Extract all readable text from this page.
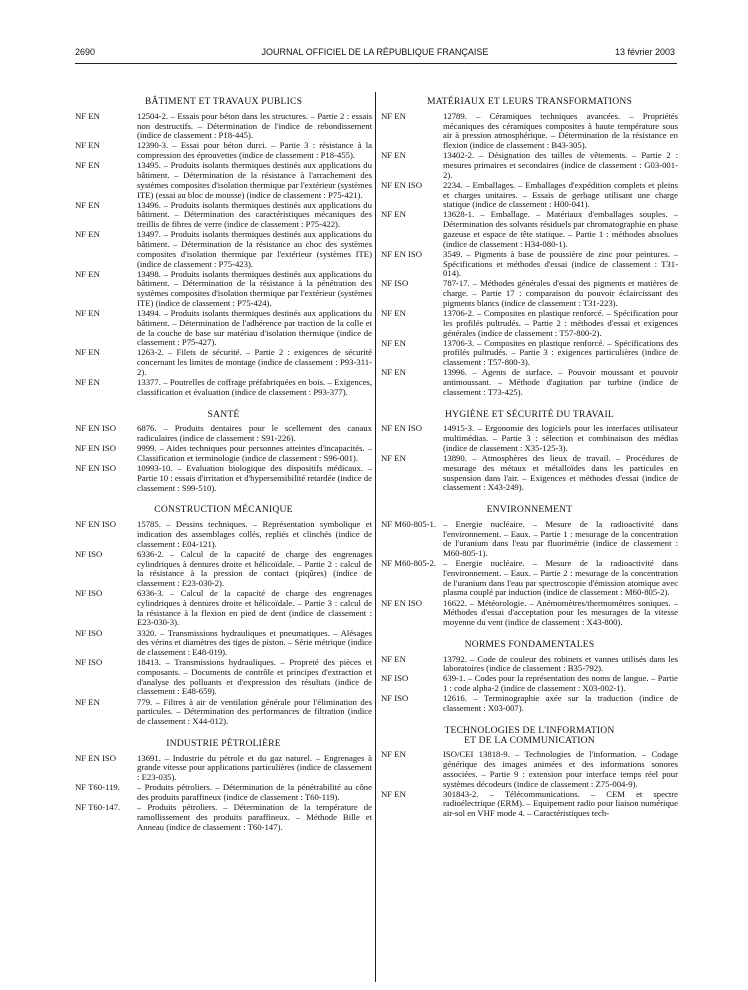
2690	JOURNAL OFFICIEL DE LA RÉPUBLIQUE FRANÇAISE	13 février 2003
BÂTIMENT ET TRAVAUX PUBLICS
NF EN	12504-2. – Essais pour béton dans les structures. – Partie 2 : essais non destructifs. – Détermination de l'indice de rebondissement (indice de classement : P18-445).
NF EN	12390-3. – Essai pour béton durci. – Partie 3 : résistance à la compression des éprouvettes (indice de classement : P18-455).
NF EN	13495. – Produits isolants thermiques destinés aux applications du bâtiment. – Détermination de la résistance à l'arrachement des systèmes composites d'isolation thermique par l'extérieur (systèmes ITE) (essai au bloc de mousse) (indice de classement : P75-421).
NF EN	13496. – Produits isolants thermiques destinés aux applications du bâtiment. – Détermination des caractéristiques mécaniques des treillis de fibres de verre (indice de classement : P75-422).
NF EN	13497. – Produits isolants thermiques destinés aux applications du bâtiment. – Détermination de la résistance au choc des systèmes composites d'isolation thermique par l'extérieur (systèmes ITE) (indice de classement : P75-423).
NF EN	13498. – Produits isolants thermiques destinés aux applications du bâtiment. – Détermination de la résistance à la pénétration des systèmes composites d'isolation thermique par l'extérieur (systèmes ITE) (indice de classement : P75-424).
NF EN	13494. – Produits isolants thermiques destinés aux applications du bâtiment. – Détermination de l'adhérence par traction de la colle et de la couche de base sur matériau d'isolation thermique (indice de classement : P75-427).
NF EN	1263-2. – Filets de sécurité. – Partie 2 : exigences de sécurité concernant les limites de montage (indice de classement : P93-311-2).
NF EN	13377. – Poutrelles de coffrage préfabriquées en bois. – Exigences, classification et évaluation (indice de classement : P93-377).
SANTÉ
NF EN ISO	6876. – Produits dentaires pour le scellement des canaux radiculaires (indice de classement : S91-226).
NF EN ISO	9999. – Aides techniques pour personnes atteintes d'incapacités. – Classification et terminologie (indice de classement : S96-001).
NF EN ISO	10993-10. – Evaluation biologique des dispositifs médicaux. – Partie 10 : essais d'irritation et d'hypersensibilité retardée (indice de classement : S99-510).
CONSTRUCTION MÉCANIQUE
NF EN ISO	15785. – Dessins techniques. – Représentation symbolique et indication des assemblages collés, repliés et clinchés (indice de classement : E04-121).
NF ISO	6336-2. – Calcul de la capacité de charge des engrenages cylindriques à dentures droite et hélicoïdale. – Partie 2 : calcul de la résistance à la pression de contact (piqûres) (indice de classement : E23-030-2).
NF ISO	6336-3. – Calcul de la capacité de charge des engrenages cylindriques à dentures droite et hélicoïdale. – Partie 3 : calcul de la résistance à la flexion en pied de dent (indice de classement : E23-030-3).
NF ISO	3320. – Transmissions hydrauliques et pneumatiques. – Alésages des vérins et diamètres des tiges de piston. – Série métrique (indice de classement : E48-019).
NF ISO	18413. – Transmissions hydrauliques. – Propreté des pièces et composants. – Documents de contrôle et principes d'extraction et d'analyse des polluants et d'expression des résultats (indice de classement : E48-659).
NF EN	779. – Filtres à air de ventilation générale pour l'élimination des particules. – Détermination des performances de filtration (indice de classement : X44-012).
INDUSTRIE PÉTROLIÈRE
NF EN ISO	13691. – Industrie du pétrole et du gaz naturel. – Engrenages à grande vitesse pour applications particulières (indice de classement : E23-035).
NF T60-119.	– Produits pétroliers. – Détermination de la pénétrabilité au cône des produits paraffineux (indice de classement : T60-119).
NF T60-147.	– Produits pétroliers. – Détermination de la température de ramollissement des produits paraffineux. – Méthode Bille et Anneau (indice de classement : T60-147).
MATÉRIAUX ET LEURS TRANSFORMATIONS
NF EN	12789. – Céramiques techniques avancées. – Propriétés mécaniques des céramiques composites à haute température sous air à pression atmosphérique. – Détermination de la résistance en flexion (indice de classement : B43-305).
NF EN	13402-2. – Désignation des tailles de vêtements. – Partie 2 : mesures primaires et secondaires (indice de classement : G03-001-2).
NF EN ISO	2234. – Emballages. – Emballages d'expédition complets et pleins et charges unitaires. – Essais de gerbage utilisant une charge statique (indice de classement : H00-041).
NF EN	13628-1. – Emballage. – Matériaux d'emballages souples. – Détermination des solvants résiduels par chromatographie en phase gazeuse et espace de tête statique. – Partie 1 : méthodes absolues (indice de classement : H34-080-1).
NF EN ISO	3549. – Pigments à base de poussière de zinc pour peintures. – Spécifications et méthodes d'essai (indice de classement : T31-014).
NF ISO	787-17. – Méthodes générales d'essai des pigments et matières de charge. – Partie 17 : comparaison du pouvoir éclaircissant des pigments blancs (indice de classement : T31-223).
NF EN	13706-2. – Composites en plastique renforcé. – Spécification pour les profilés pultrudés. – Partie 2 : méthodes d'essai et exigences générales (indice de classement : T57-800-2).
NF EN	13706-3. – Composites en plastique renforcé. – Spécifications des profilés pultrudés. – Partie 3 : exigences particulières (indice de classement : T57-800-3).
NF EN	13996. – Agents de surface. – Pouvoir moussant et pouvoir antimoussant. – Méthode d'agitation par turbine (indice de classement : T73-425).
HYGIÈNE ET SÉCURITÉ DU TRAVAIL
NF EN ISO	14915-3. – Ergonomie des logiciels pour les interfaces utilisateur multimédias. – Partie 3 : sélection et combinaison des médias (indice de classement : X35-125-3).
NF EN	13890. – Atmosphères des lieux de travail. – Procédures de mesurage des métaux et métalloïdes dans les particules en suspension dans l'air. – Exigences et méthodes d'essai (indice de classement : X43-249).
ENVIRONNEMENT
NF M60-805-1. – Energie nucléaire. – Mesure de la radioactivité dans l'environnement. – Eaux. – Partie 1 : mesurage de la concentration de l'uranium dans l'eau par fluorimétrie (indice de classement : M60-805-1).
NF M60-805-2. – Energie nucléaire. – Mesure de la radioactivité dans l'environnement. – Eaux. – Partie 2 : mesurage de la concentration de l'uranium dans l'eau par spectroscopie d'émission atomique avec plasma couplé par induction (indice de classement : M60-805-2).
NF EN ISO	16622. – Météorologie. – Anémomètres/thermomètres soniques. – Méthodes d'essai d'acceptation pour les mesurages de la vitesse moyenne du vent (indice de classement : X43-800).
NORMES FONDAMENTALES
NF EN	13792. – Code de couleur des robinets et vannes utilisés dans les laboratoires (indice de classement : B35-792).
NF ISO	639-1. – Codes pour la représentation des noms de langue. – Partie 1 : code alpha-2 (indice de classement : X03-002-1).
NF ISO	12616. – Terminographie axée sur la traduction (indice de classement : X03-007).
TECHNOLOGIES DE L'INFORMATION
ET DE LA COMMUNICATION
NF EN	ISO/CEI 13818-9. – Technologies de l'information. – Codage générique des images animées et des informations sonores associées. – Partie 9 : extension pour interface temps réel pour systèmes décodeurs (indice de classement : Z75-004-9).
NF EN	301843-2. – Télécommunications. – CEM et spectre radioélectrique (ERM). – Equipement radio pour liaison numérique air-sol en VHF mode 4. – Caractéristiques tech-
